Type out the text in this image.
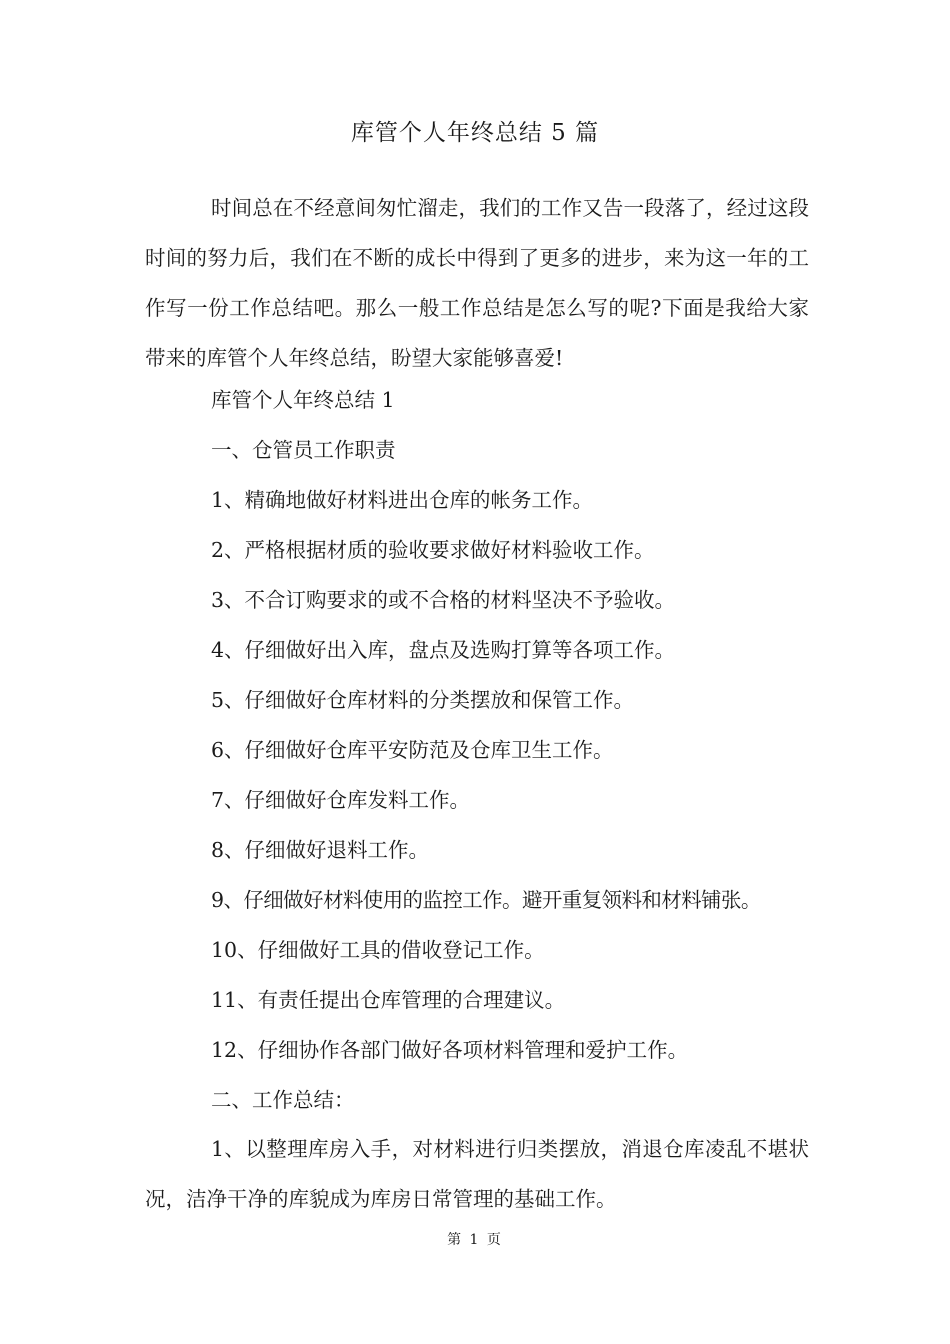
库管个人年终总结 5 篇

时间总在不经意间匆忙溜走，我们的工作又告一段落了，经过这段时间的努力后，我们在不断的成长中得到了更多的进步，来为这一年的工作写一份工作总结吧。那么一般工作总结是怎么写的呢?下面是我给大家带来的库管个人年终总结，盼望大家能够喜爱!

库管个人年终总结 1

一、仓管员工作职责

1、精确地做好材料进出仓库的帐务工作。

2、严格根据材质的验收要求做好材料验收工作。

3、不合订购要求的或不合格的材料坚决不予验收。

4、仔细做好出入库，盘点及选购打算等各项工作。

5、仔细做好仓库材料的分类摆放和保管工作。

6、仔细做好仓库平安防范及仓库卫生工作。

7、仔细做好仓库发料工作。

8、仔细做好退料工作。

9、仔细做好材料使用的监控工作。避开重复领料和材料铺张。

10、仔细做好工具的借收登记工作。

11、有责任提出仓库管理的合理建议。

12、仔细协作各部门做好各项材料管理和爱护工作。

二、工作总结：

1、以整理库房入手，对材料进行归类摆放，消退仓库凌乱不堪状况，洁净干净的库貌成为库房日常管理的基础工作。

第 1 页
